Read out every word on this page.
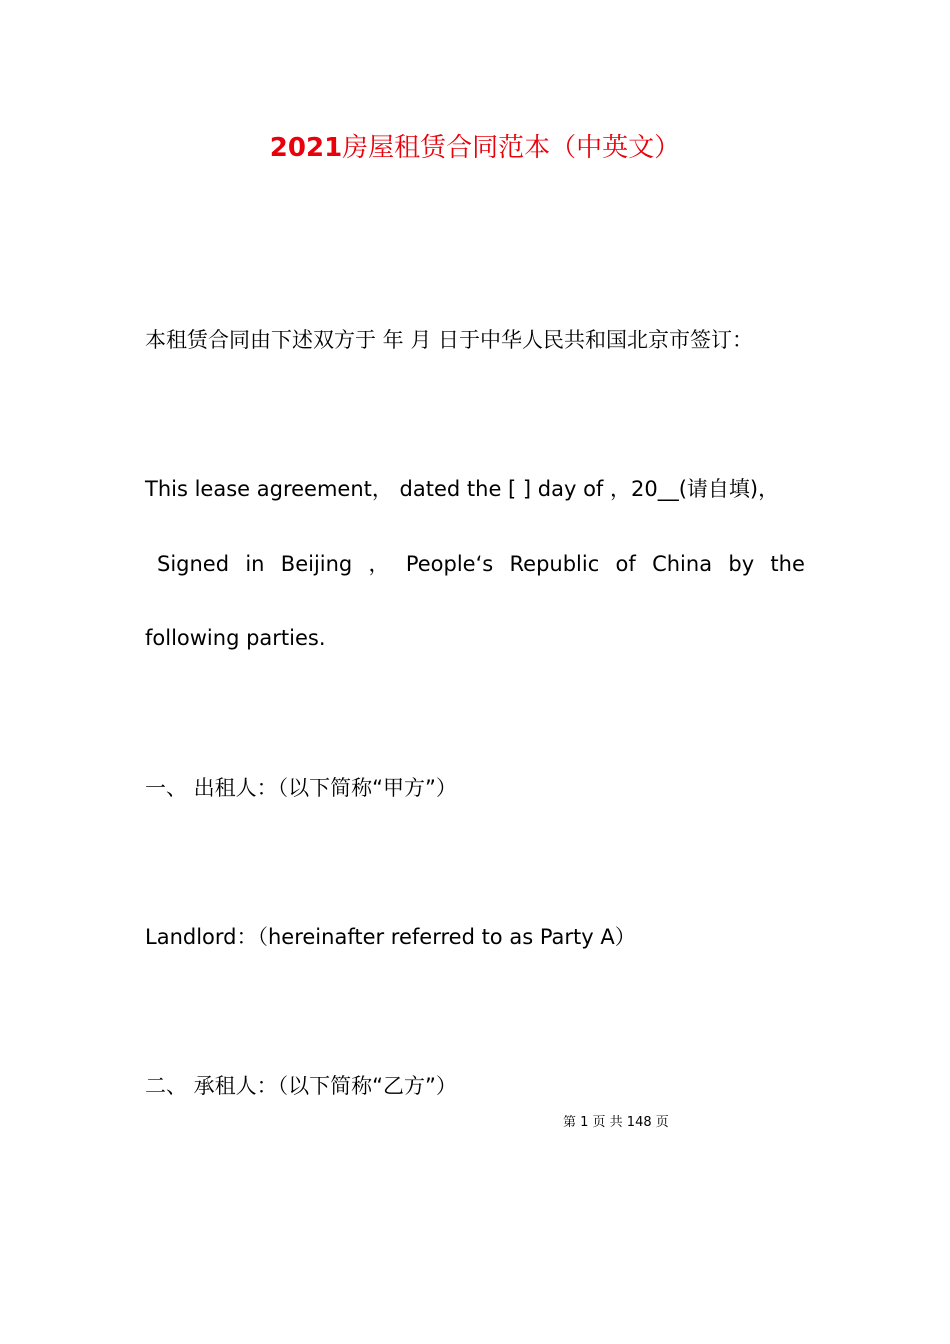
2021房屋租赁合同范本（中英文）
本租赁合同由下述双方于 年 月 日于中华人民共和国北京市签订：
This lease agreement， dated the [ ] day of ，20__(请自填)，
Signed in Beijing ， People‘s Republic of China by the
following parties.
一、 出租人：（以下简称“甲方”）
Landlord：（hereinafter referred to as Party A）
二、 承租人：（以下简称“乙方”）
第 1 页 共 148 页
